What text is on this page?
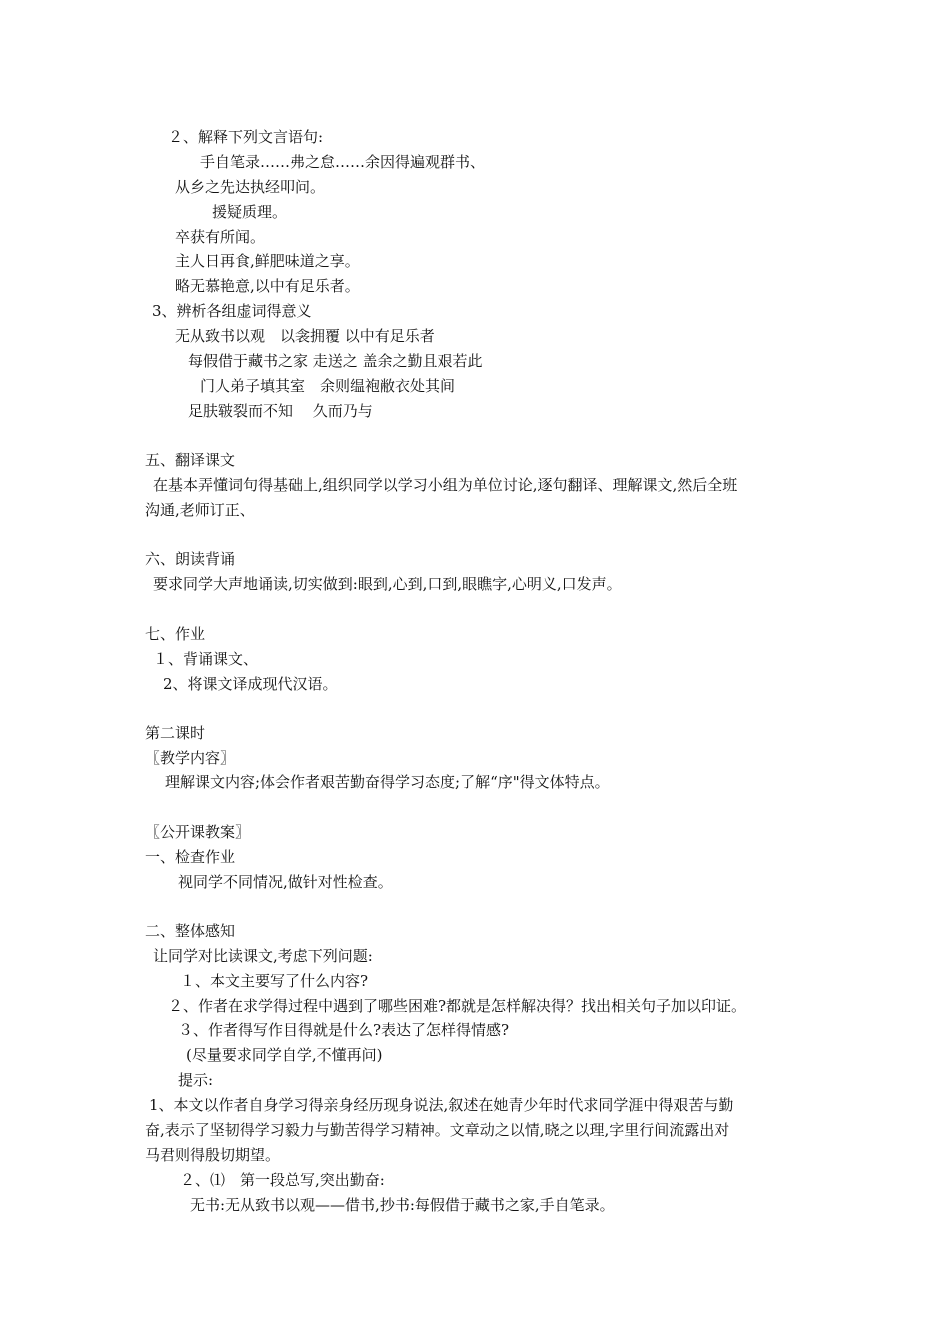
２、解释下列文言语句:
手自笔录……弗之怠……余因得遍观群书、
从乡之先达执经叩问。
援疑质理。
卒获有所闻。
主人日再食,鲜肥味道之享。
略无慕艳意,以中有足乐者。
3、辨析各组虚词得意义
无从致书以观　以衾拥覆 以中有足乐者
每假借于藏书之家 走送之 盖余之勤且艰若此
门人弟子填其室　余则缊袍敝衣处其间
足肤皲裂而不知　 久而乃与
五、翻译课文
在基本弄懂词句得基础上,组织同学以学习小组为单位讨论,逐句翻译、理解课文,然后全班
沟通,老师订正、
六、朗读背诵
要求同学大声地诵读,切实做到:眼到,心到,口到,眼瞧字,心明义,口发声。
七、作业
１、背诵课文、
2、将课文译成现代汉语。
第二课时
〖教学内容〗
理解课文内容;体会作者艰苦勤奋得学习态度;了解“序"得文体特点。
〖公开课教案〗
一、检查作业
视同学不同情况,做针对性检查。
二、整体感知
让同学对比读课文,考虑下列问题:
１、本文主要写了什么内容?
２、作者在求学得过程中遇到了哪些困难?都就是怎样解决得？找出相关句子加以印证。
３、作者得写作目得就是什么?表达了怎样得情感?
(尽量要求同学自学,不懂再问)
提示:
1、本文以作者自身学习得亲身经历现身说法,叙述在她青少年时代求同学涯中得艰苦与勤
奋,表示了坚韧得学习毅力与勤苦得学习精神。文章动之以情,晓之以理,字里行间流露出对
马君则得殷切期望。
２、⑴　第一段总写,突出勤奋:
无书:无从致书以观——借书,抄书:每假借于藏书之家,手自笔录。
